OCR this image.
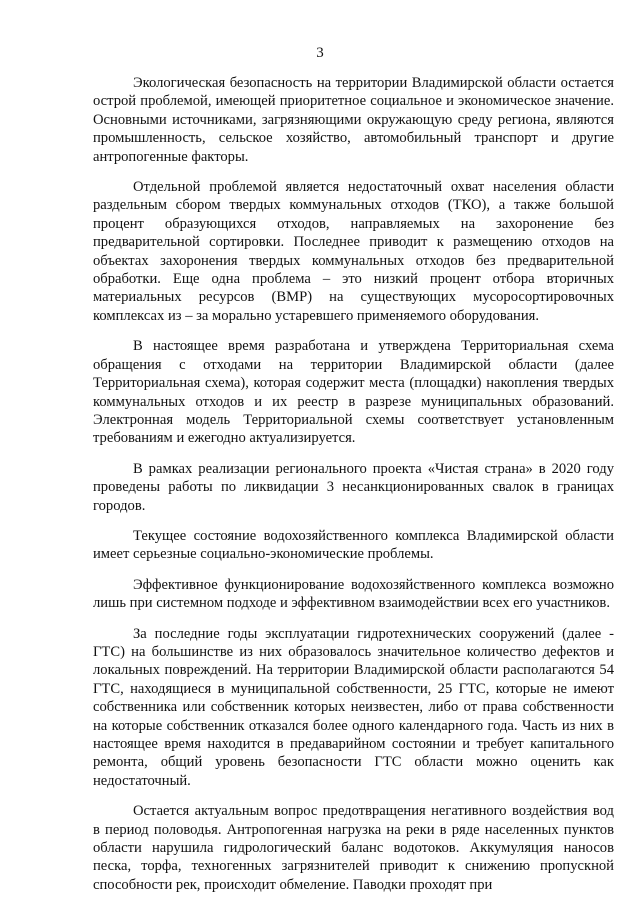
3

Экологическая безопасность на территории Владимирской области остается острой проблемой, имеющей приоритетное социальное и экономическое значение. Основными источниками, загрязняющими окружающую среду региона, являются промышленность, сельское хозяйство, автомобильный транспорт и другие антропогенные факторы.

Отдельной проблемой является недостаточный охват населения области раздельным сбором твердых коммунальных отходов (ТКО), а также большой процент образующихся отходов, направляемых на захоронение без предварительной сортировки. Последнее приводит к размещению отходов на объектах захоронения твердых коммунальных отходов без предварительной обработки. Еще одна проблема – это низкий процент отбора вторичных материальных ресурсов (ВМР) на существующих мусоросортировочных комплексах из – за морально устаревшего применяемого оборудования.

В настоящее время разработана и утверждена Территориальная схема обращения с отходами на территории Владимирской области (далее Территориальная схема), которая содержит места (площадки) накопления твердых коммунальных отходов и их реестр в разрезе муниципальных образований. Электронная модель Территориальной схемы соответствует установленным требованиям и ежегодно актуализируется.

В рамках реализации регионального проекта «Чистая страна» в 2020 году проведены работы по ликвидации 3 несанкционированных свалок в границах городов.

Текущее состояние водохозяйственного комплекса Владимирской области имеет серьезные социально-экономические проблемы.

Эффективное функционирование водохозяйственного комплекса возможно лишь при системном подходе и эффективном взаимодействии всех его участников.

За последние годы эксплуатации гидротехнических сооружений (далее - ГТС) на большинстве из них образовалось значительное количество дефектов и локальных повреждений. На территории Владимирской области располагаются 54 ГТС, находящиеся в муниципальной собственности, 25 ГТС, которые не имеют собственника или собственник которых неизвестен, либо от права собственности на которые собственник отказался более одного календарного года. Часть из них в настоящее время находится в предаварийном состоянии и требует капитального ремонта, общий уровень безопасности ГТС области можно оценить как недостаточный.

Остается актуальным вопрос предотвращения негативного воздействия вод в период половодья. Антропогенная нагрузка на реки в ряде населенных пунктов области нарушила гидрологический баланс водотоков. Аккумуляция наносов песка, торфа, техногенных загрязнителей приводит к снижению пропускной способности рек, происходит обмеление. Паводки проходят при
